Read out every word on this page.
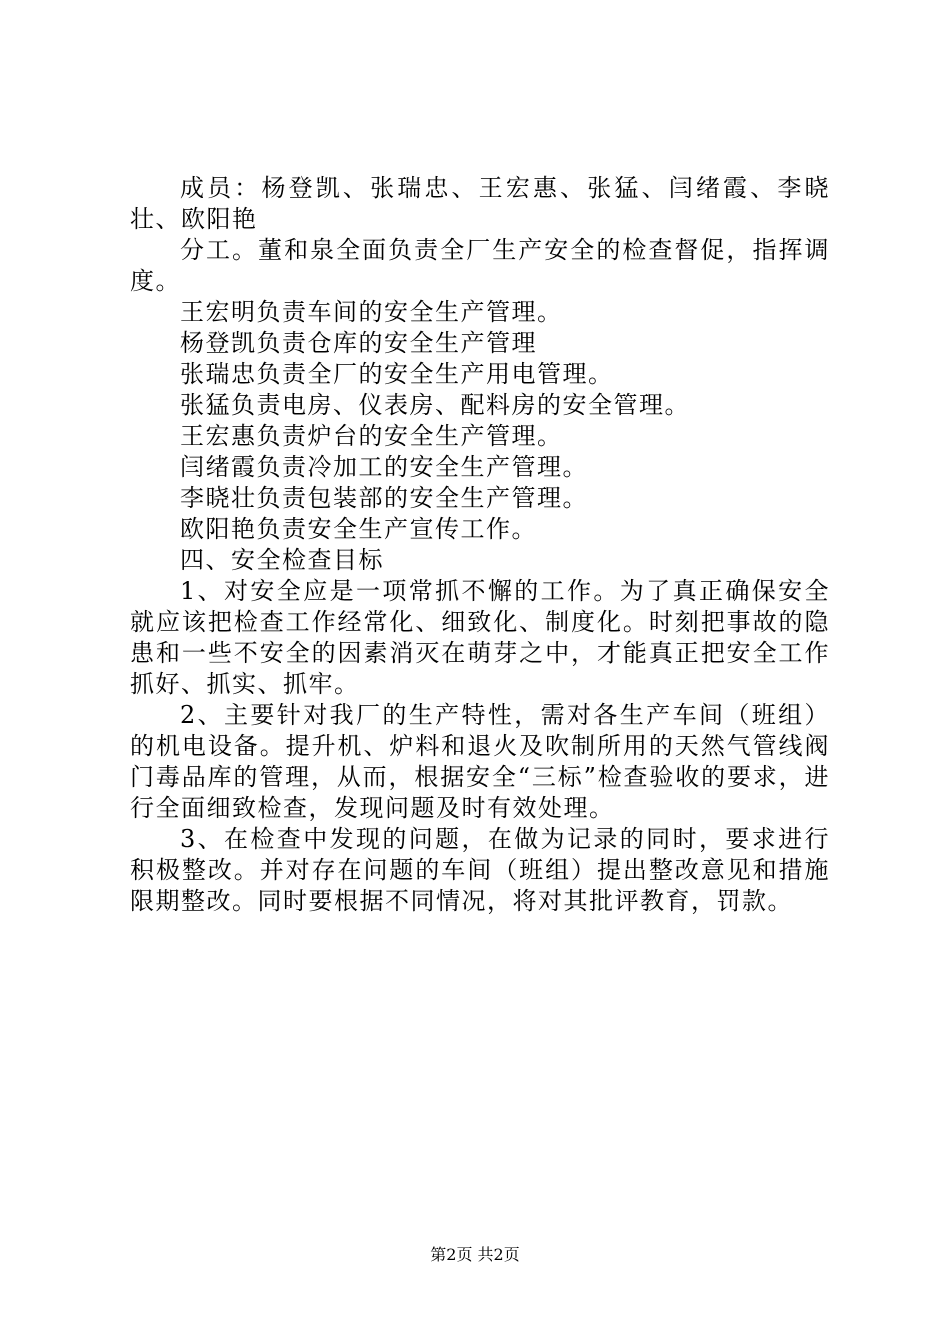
成员：杨登凯、张瑞忠、王宏惠、张猛、闫绪霞、李晓壮、欧阳艳

分工。董和泉全面负责全厂生产安全的检查督促，指挥调度。

王宏明负责车间的安全生产管理。

杨登凯负责仓库的安全生产管理

张瑞忠负责全厂的安全生产用电管理。

张猛负责电房、仪表房、配料房的安全管理。

王宏惠负责炉台的安全生产管理。

闫绪霞负责冷加工的安全生产管理。

李晓壮负责包装部的安全生产管理。

欧阳艳负责安全生产宣传工作。

四、安全检查目标

1、对安全应是一项常抓不懈的工作。为了真正确保安全就应该把检查工作经常化、细致化、制度化。时刻把事故的隐患和一些不安全的因素消灭在萌芽之中，才能真正把安全工作抓好、抓实、抓牢。

2、主要针对我厂的生产特性，需对各生产车间（班组）的机电设备。提升机、炉料和退火及吹制所用的天然气管线阀门毒品库的管理，从而，根据安全“三标”检查验收的要求，进行全面细致检查，发现问题及时有效处理。

3、在检查中发现的问题，在做为记录的同时，要求进行积极整改。并对存在问题的车间（班组）提出整改意见和措施限期整改。同时要根据不同情况，将对其批评教育，罚款。

第2页 共2页
